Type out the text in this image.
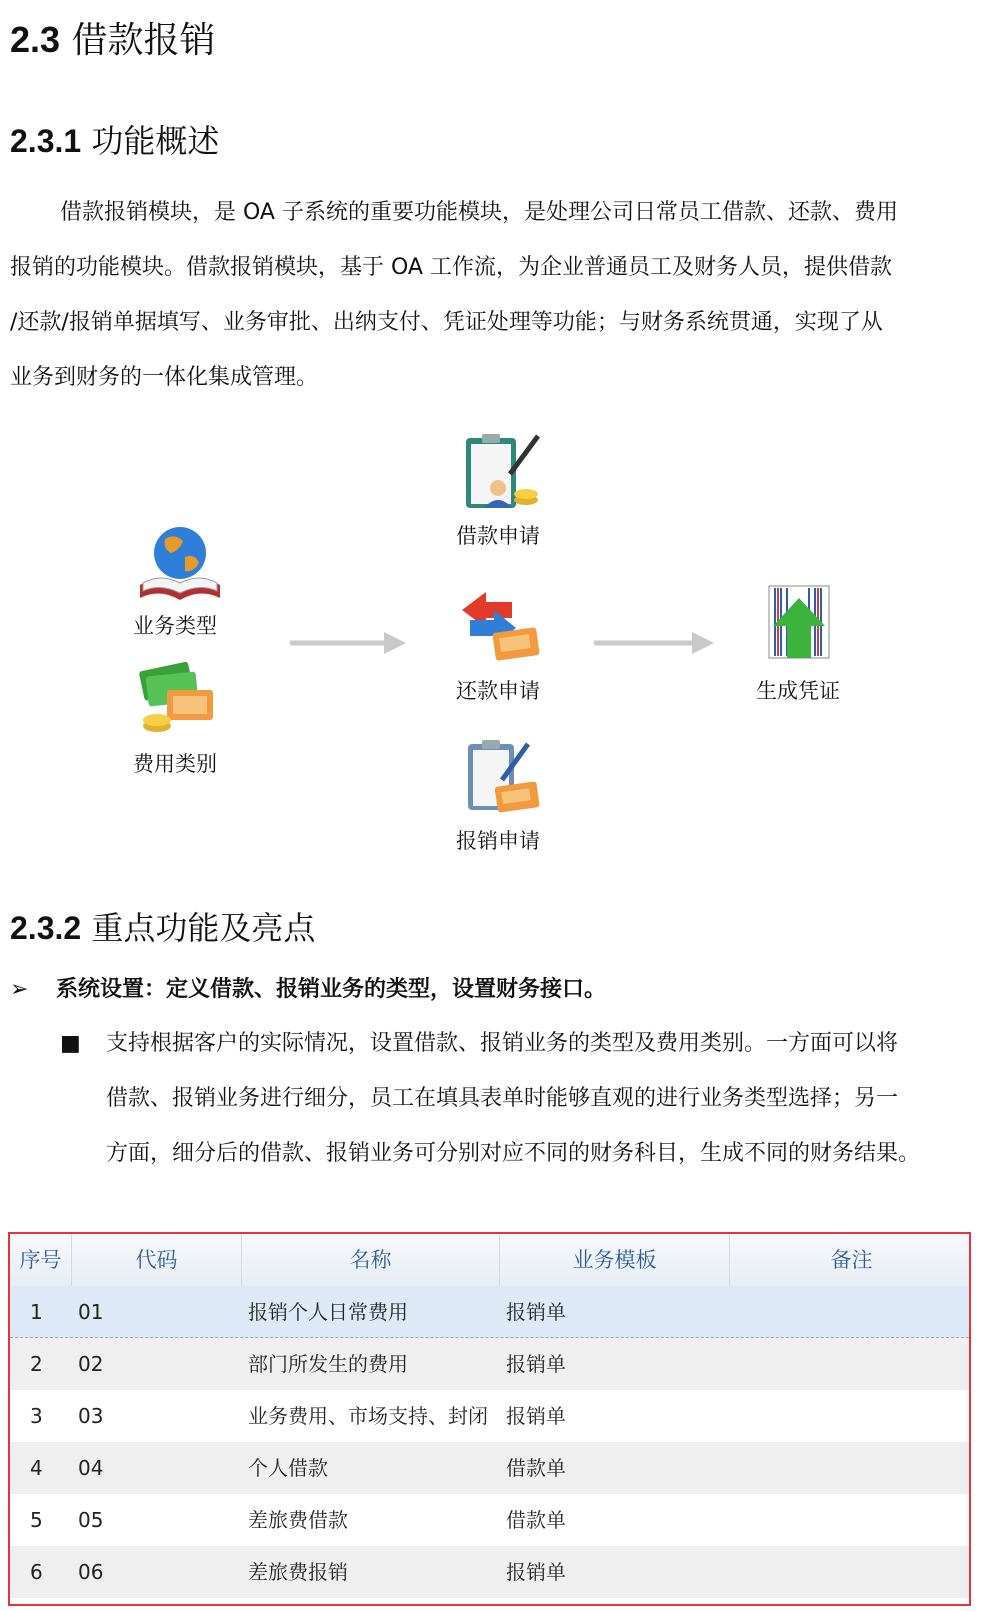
2.3 借款报销
2.3.1 功能概述

借款报销模块，是 OA 子系统的重要功能模块，是处理公司日常员工借款、还款、费用

报销的功能模块。借款报销模块，基于 OA 工作流，为企业普通员工及财务人员，提供借款

/还款/报销单据填写、业务审批、出纳支付、凭证处理等功能；与财务系统贯通，实现了从

业务到财务的一体化集成管理。

业务类型
费用类别
借款申请
还款申请
报销申请
生成凭证
2.3.2 重点功能及亮点
➢ 系统设置：定义借款、报销业务的类型，设置财务接口。
■ 支持根据客户的实际情况，设置借款、报销业务的类型及费用类别。一方面可以将
借款、报销业务进行细分，员工在填具表单时能够直观的进行业务类型选择；另一
方面，细分后的借款、报销业务可分别对应不同的财务科目，生成不同的财务结果。
序号	代码	名称	业务模板	备注
1 01	报销个人日常费用	报销单
2 02	部门所发生的费用	报销单
3 03	业务费用、市场支持、封闭 报销单
4 04	个人借款	借款单
5 05	差旅费借款	借款单
6 06	差旅费报销	报销单
